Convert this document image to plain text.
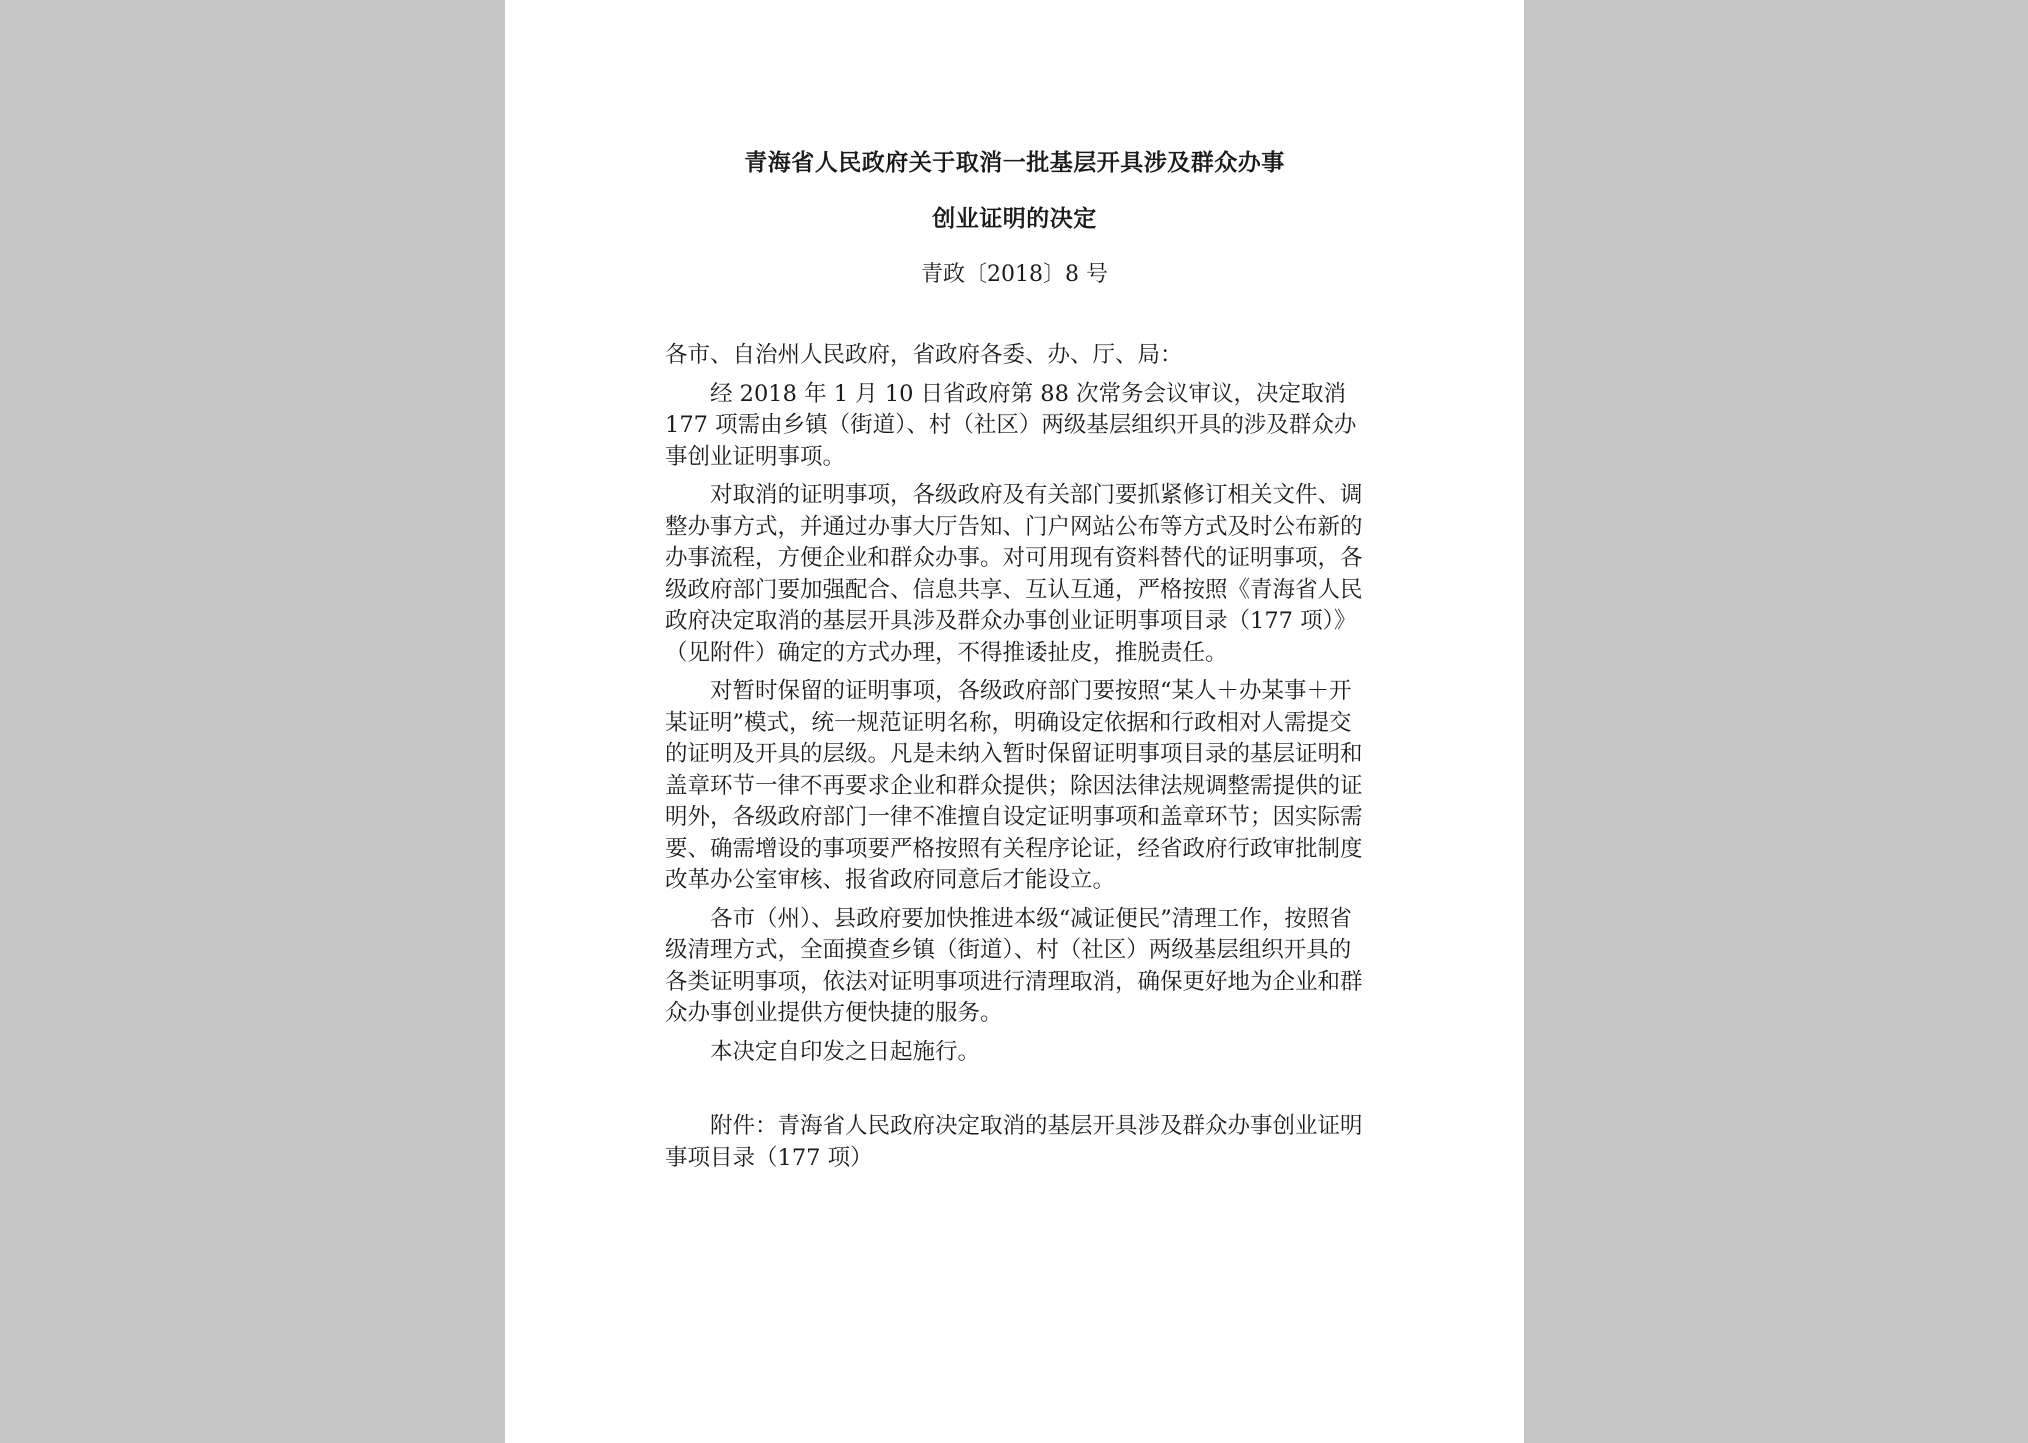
青海省人民政府关于取消一批基层开具涉及群众办事
创业证明的决定
青政〔2018〕8 号

各市、自治州人民政府，省政府各委、办、厅、局：

经 2018 年 1 月 10 日省政府第 88 次常务会议审议，决定取消 177 项需由乡镇（街道）、村（社区）两级基层组织开具的涉及群众办事创业证明事项。

对取消的证明事项，各级政府及有关部门要抓紧修订相关文件、调整办事方式，并通过办事大厅告知、门户网站公布等方式及时公布新的办事流程，方便企业和群众办事。对可用现有资料替代的证明事项，各级政府部门要加强配合、信息共享、互认互通，严格按照《青海省人民政府决定取消的基层开具涉及群众办事创业证明事项目录（177 项）》（见附件）确定的方式办理，不得推诿扯皮，推脱责任。

对暂时保留的证明事项，各级政府部门要按照“某人＋办某事＋开某证明”模式，统一规范证明名称，明确设定依据和行政相对人需提交的证明及开具的层级。凡是未纳入暂时保留证明事项目录的基层证明和盖章环节一律不再要求企业和群众提供；除因法律法规调整需提供的证明外，各级政府部门一律不准擅自设定证明事项和盖章环节；因实际需要、确需增设的事项要严格按照有关程序论证，经省政府行政审批制度改革办公室审核、报省政府同意后才能设立。

各市（州）、县政府要加快推进本级“减证便民”清理工作，按照省级清理方式，全面摸查乡镇（街道）、村（社区）两级基层组织开具的各类证明事项，依法对证明事项进行清理取消，确保更好地为企业和群众办事创业提供方便快捷的服务。

本决定自印发之日起施行。

附件：青海省人民政府决定取消的基层开具涉及群众办事创业证明事项目录（177 项）
